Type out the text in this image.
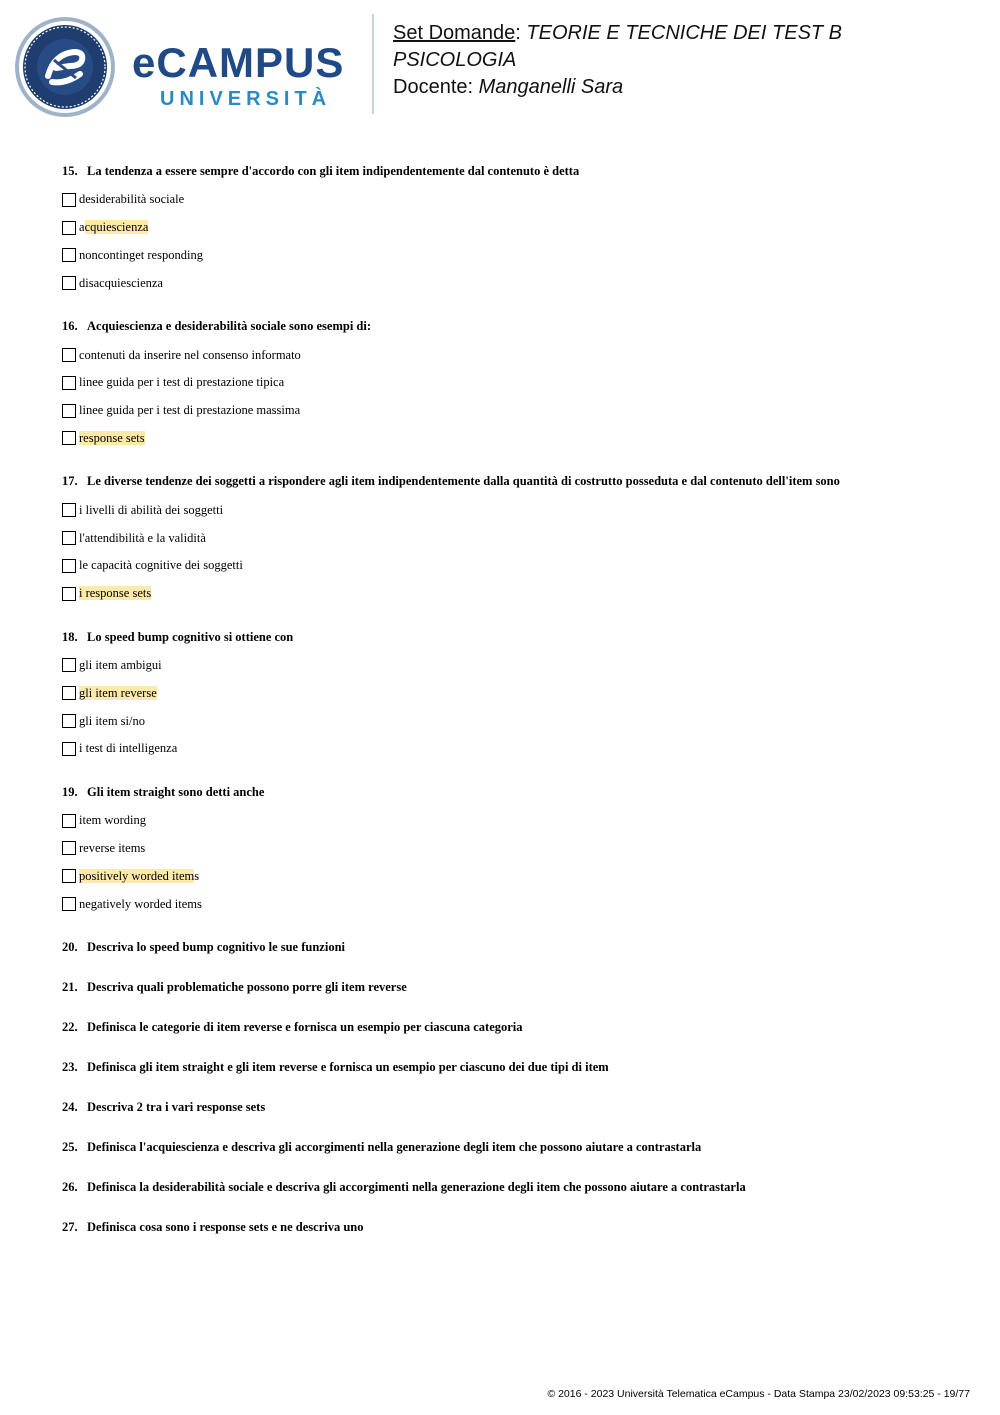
eCAMPUS
UNIVERSITÀ
Set Domande: TEORIE E TECNICHE DEI TEST B
PSICOLOGIA
Docente: Manganelli Sara
15. La tendenza a essere sempre d'accordo con gli item indipendentemente dal contenuto è detta
desiderabilità sociale
acquiescienza
noncontinget responding
disacquiescienza
16. Acquiescienza e desiderabilità sociale sono esempi di:
contenuti da inserire nel consenso informato
linee guida per i test di prestazione tipica
linee guida per i test di prestazione massima
response sets
17. Le diverse tendenze dei soggetti a rispondere agli item indipendentemente dalla quantità di costrutto posseduta e dal contenuto dell'item sono
i livelli di abilità dei soggetti
l'attendibilità e la validità
le capacità cognitive dei soggetti
i response sets
18. Lo speed bump cognitivo si ottiene con
gli item ambigui
gli item reverse
gli item si/no
i test di intelligenza
19. Gli item straight sono detti anche
item wording
reverse items
positively worded items
negatively worded items
20. Descriva lo speed bump cognitivo le sue funzioni
21. Descriva quali problematiche possono porre gli item reverse
22. Definisca le categorie di item reverse e fornisca un esempio per ciascuna categoria
23. Definisca gli item straight e gli item reverse e fornisca un esempio per ciascuno dei due tipi di item
24. Descriva 2 tra i vari response sets
25. Definisca l'acquiescienza e descriva gli accorgimenti nella generazione degli item che possono aiutare a contrastarla
26. Definisca la desiderabilità sociale e descriva gli accorgimenti nella generazione degli item che possono aiutare a contrastarla
27. Definisca cosa sono i response sets e ne descriva uno
© 2016 - 2023 Università Telematica eCampus - Data Stampa 23/02/2023 09:53:25 - 19/77
